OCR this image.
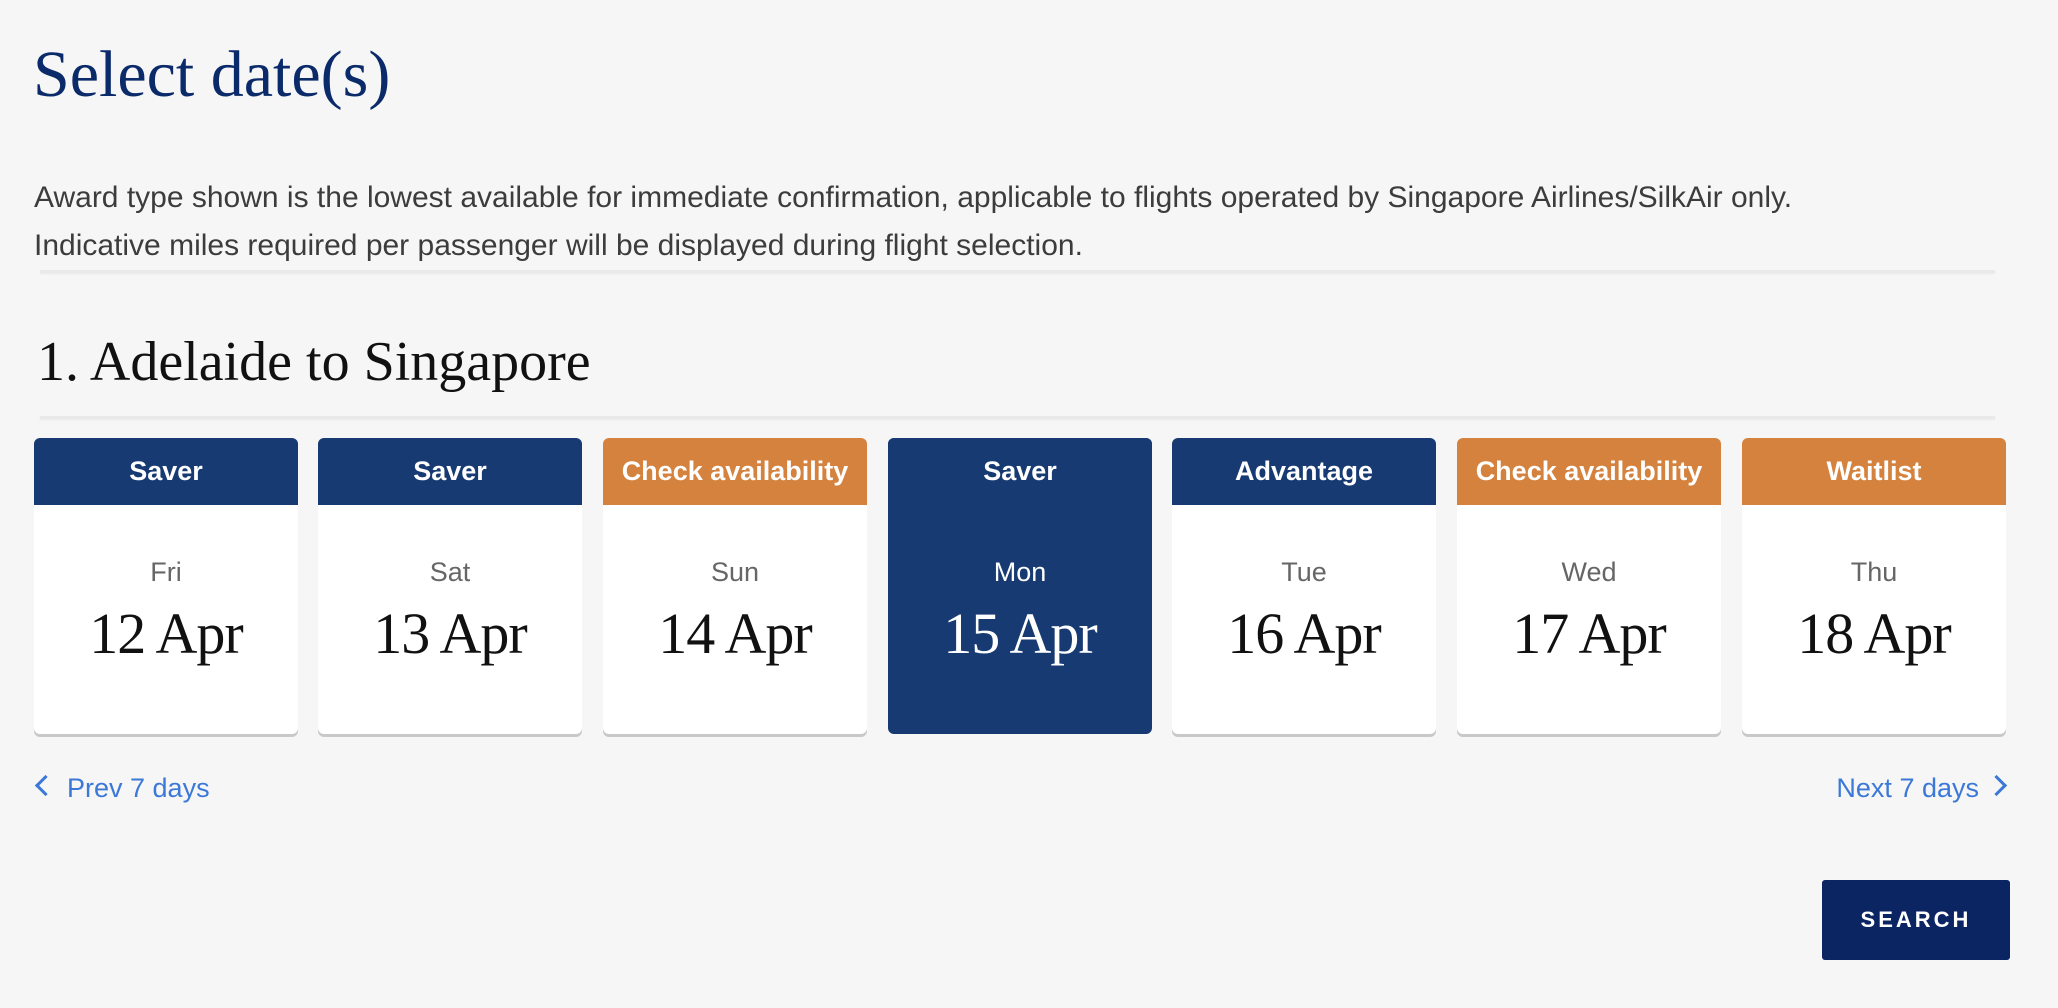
Select date(s)

Award type shown is the lowest available for immediate confirmation, applicable to flights operated by Singapore Airlines/SilkAir only.

Indicative miles required per passenger will be displayed during flight selection.

1. Adelaide to Singapore
Saver
Fri
12 Apr
Saver
Sat
13 Apr
Check availability
Sun
14 Apr
Saver
Mon
15 Apr
Advantage
Tue
16 Apr
Check availability
Wed
17 Apr
Waitlist
Thu
18 Apr
Prev 7 days	Next 7 days
SEARCH
